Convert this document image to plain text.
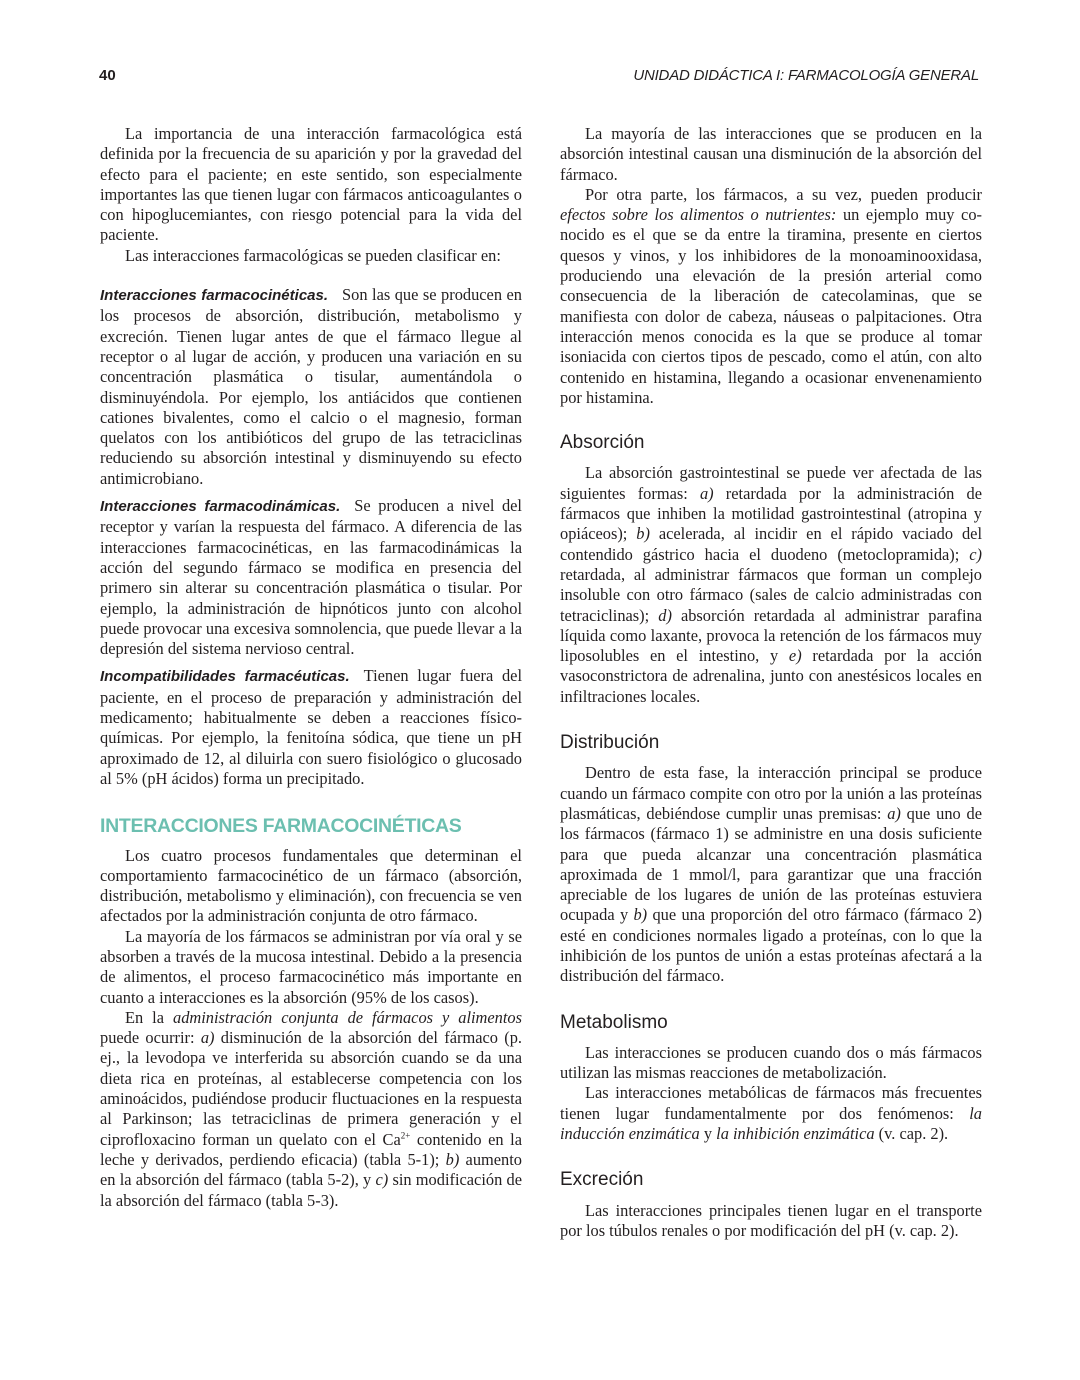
40	UNIDAD DIDÁCTICA I: FARMACOLOGÍA GENERAL

La importancia de una interacción farmacológica está definida por la frecuencia de su aparición y por la gravedad del efecto para el paciente; en este sentido, son especialmente importantes las que tienen lugar con fármacos anticoagulantes o con hipoglucemiantes, con riesgo potencial para la vida del paciente.

Las interacciones farmacológicas se pueden clasificar en:

Interacciones farmacocinéticas. Son las que se producen en los procesos de absorción, distribución, metabolismo y excreción. Tienen lugar antes de que el fármaco llegue al receptor o al lugar de acción, y producen una variación en su concentración plasmática o tisular, aumentándola o disminuyéndola. Por ejemplo, los antiácidos que contienen cationes bivalentes, como el calcio o el magnesio, forman quelatos con los antibióticos del grupo de las tetraciclinas reduciendo su absorción intestinal y disminuyendo su efecto antimicrobiano.

Interacciones farmacodinámicas. Se producen a nivel del receptor y varían la respuesta del fármaco. A diferencia de las interacciones farmacocinéticas, en las farmacodinámicas la acción del segundo fármaco se modifica en presencia del primero sin alterar su concentración plasmática o tisular. Por ejemplo, la administración de hipnóticos junto con alcohol puede provocar una excesiva somnolencia, que puede llevar a la depresión del sistema nervioso central.

Incompatibilidades farmacéuticas. Tienen lugar fuera del paciente, en el proceso de preparación y administración del medicamento; habitualmente se deben a reacciones físico-químicas. Por ejemplo, la fenitoína sódica, que tiene un pH aproximado de 12, al diluirla con suero fisiológico o glucosado al 5% (pH ácidos) forma un precipitado.

INTERACCIONES FARMACOCINÉTICAS

Los cuatro procesos fundamentales que determinan el comportamiento farmacocinético de un fármaco (absorción, distribución, metabolismo y eliminación), con frecuencia se ven afectados por la administración conjunta de otro fármaco.

La mayoría de los fármacos se administran por vía oral y se absorben a través de la mucosa intestinal. Debido a la presencia de alimentos, el proceso farmacocinético más importante en cuanto a interacciones es la absorción (95% de los casos).

En la administración conjunta de fármacos y alimentos puede ocurrir: a) disminución de la absorción del fármaco (p. ej., la levodopa ve interferida su absorción cuando se da una dieta rica en proteínas, al establecerse competencia con los aminoácidos, pudiéndose producir fluctuaciones en la respuesta al Parkinson; las tetraciclinas de primera generación y el ciprofloxacino forman un quelato con el $Ca^{2+}$ contenido en la leche y derivados, perdiendo eficacia) (tabla 5-1); b) aumento en la absorción del fármaco (tabla 5-2), y c) sin modificación de la absorción del fármaco (tabla 5-3).

La mayoría de las interacciones que se producen en la absorción intestinal causan una disminución de la absorción del fármaco.

Por otra parte, los fármacos, a su vez, pueden producir efectos sobre los alimentos o nutrientes: un ejemplo muy conocido es el que se da entre la tiramina, presente en ciertos quesos y vinos, y los inhibidores de la monoaminooxidasa, produciendo una elevación de la presión arterial como consecuencia de la liberación de catecolaminas, que se manifiesta con dolor de cabeza, náuseas o palpitaciones. Otra interacción menos conocida es la que se produce al tomar isoniacida con ciertos tipos de pescado, como el atún, con alto contenido en histamina, llegando a ocasionar envenenamiento por histamina.

Absorción

La absorción gastrointestinal se puede ver afectada de las siguientes formas: a) retardada por la administración de fármacos que inhiben la motilidad gastrointestinal (atropina y opiáceos); b) acelerada, al incidir en el rápido vaciado del contendido gástrico hacia el duodeno (metoclopramida); c) retardada, al administrar fármacos que forman un complejo insoluble con otro fármaco (sales de calcio administradas con tetraciclinas); d) absorción retardada al administrar parafina líquida como laxante, provoca la retención de los fármacos muy liposolubles en el intestino, y e) retardada por la acción vasoconstrictora de adrenalina, junto con anestésicos locales en infiltraciones locales.

Distribución

Dentro de esta fase, la interacción principal se produce cuando un fármaco compite con otro por la unión a las proteínas plasmáticas, debiéndose cumplir unas premisas: a) que uno de los fármacos (fármaco 1) se administre en una dosis suficiente para que pueda alcanzar una concentración plasmática aproximada de 1 mmol/l, para garantizar que una fracción apreciable de los lugares de unión de las proteínas estuviera ocupada y b) que una proporción del otro fármaco (fármaco 2) esté en condiciones normales ligado a proteínas, con lo que la inhibición de los puntos de unión a estas proteínas afectará a la distribución del fármaco.

Metabolismo

Las interacciones se producen cuando dos o más fármacos utilizan las mismas reacciones de metabolización.

Las interacciones metabólicas de fármacos más frecuentes tienen lugar fundamentalmente por dos fenómenos: la inducción enzimática y la inhibición enzimática (v. cap. 2).

Excreción

Las interacciones principales tienen lugar en el transporte por los túbulos renales o por modificación del pH (v. cap. 2).
